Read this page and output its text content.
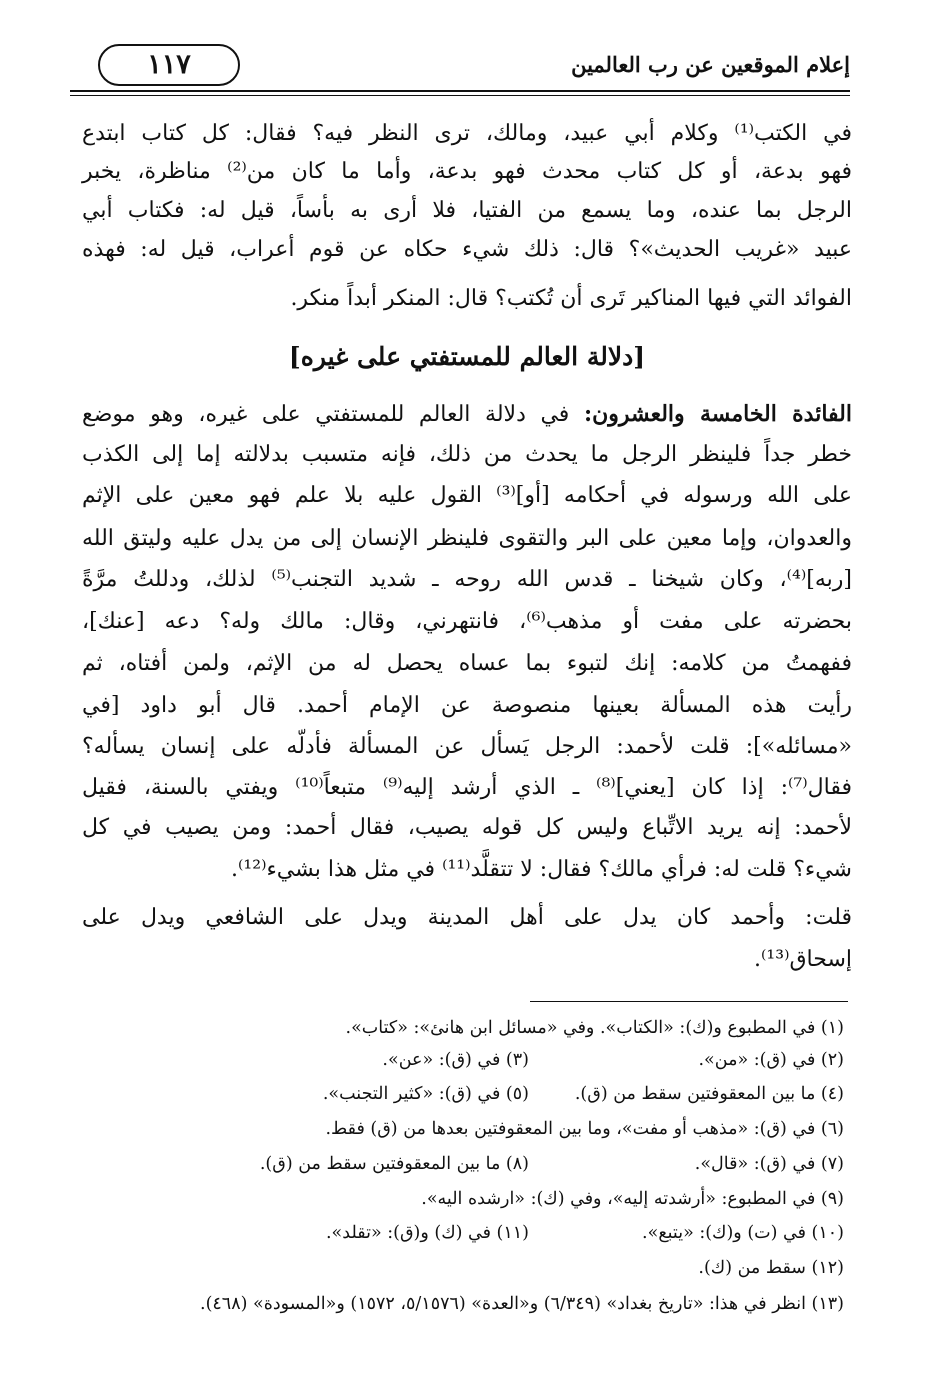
إعلام الموقعين عن رب العالمين
١١٧
في الكتب⁽¹⁾ وكلام أبي عبيد، ومالك، ترى النظر فيه؟ فقال: كل كتاب ابتدع
فهو بدعة، أو كل كتاب محدث فهو بدعة، وأما ما كان من⁽²⁾ مناظرة، يخبر
الرجل بما عنده، وما يسمع من الفتيا، فلا أرى به بأساً، قيل له: فكتاب أبي
عبيد «غريب الحديث»؟ قال: ذلك شيء حكاه عن قوم أعراب، قيل له: فهذه
الفوائد التي فيها المناكير تَرى أن تُكتب؟ قال: المنكر أبداً منكر.
[دلالة العالم للمستفتي على غيره]
الفائدة الخامسة والعشرون: في دلالة العالم للمستفتي على غيره، وهو موضع
خطر جداً فلينظر الرجل ما يحدث من ذلك، فإنه متسبب بدلالته إما إلى الكذب
على الله ورسوله في أحكامه [أو]⁽³⁾ القول عليه بلا علم فهو معين على الإثم
والعدوان، وإما معين على البر والتقوى فلينظر الإنسان إلى من يدل عليه وليتق الله
[ربه]⁽⁴⁾، وكان شيخنا ـ قدس الله روحه ـ شديد التجنب⁽⁵⁾ لذلك، ودللتُ مرَّةً
بحضرته على مفت أو مذهب⁽⁶⁾، فانتهرني، وقال: مالك وله؟ دعه [عنك]،
ففهمتُ من كلامه: إنك لتبوء بما عساه يحصل له من الإثم، ولمن أفتاه، ثم
رأيت هذه المسألة بعينها منصوصة عن الإمام أحمد. قال أبو داود [في
«مسائله»]: قلت لأحمد: الرجل يَسأل عن المسألة فأدلّه على إنسان يسأله؟
فقال⁽⁷⁾: إذا كان [يعني]⁽⁸⁾ ـ الذي أرشد إليه⁽⁹⁾ متبعاً⁽¹⁰⁾ ويفتي بالسنة، فقيل
لأحمد: إنه يريد الاتِّباع وليس كل قوله يصيب، فقال أحمد: ومن يصيب في كل
شيء؟ قلت له: فرأي مالك؟ فقال: لا تتقلَّد⁽¹¹⁾ في مثل هذا بشيء⁽¹²⁾.
قلت: وأحمد كان يدل على أهل المدينة ويدل على الشافعي ويدل على
إسحاق⁽¹³⁾.
(١) في المطبوع و(ك): «الكتاب». وفي «مسائل ابن هانئ»: «كتاب».
(٢) في (ق): «من».
(٣) في (ق): «عن».
(٤) ما بين المعقوفتين سقط من (ق).
(٥) في (ق): «كثير التجنب».
(٦) في (ق): «مذهب أو مفت»، وما بين المعقوفتين بعدها من (ق) فقط.
(٧) في (ق): «قال».
(٨) ما بين المعقوفتين سقط من (ق).
(٩) في المطبوع: «أرشدته إليه»، وفي (ك): «ارشده اليه».
(١٠) في (ت) و(ك): «يتبع».
(١١) في (ك) و(ق): «تقلد».
(١٢) سقط من (ك).
(١٣) انظر في هذا: «تاريخ بغداد» (٦/٣٤٩) و«العدة» (٥/١٥٧٦، ١٥٧٢) و«المسودة» (٤٦٨).
